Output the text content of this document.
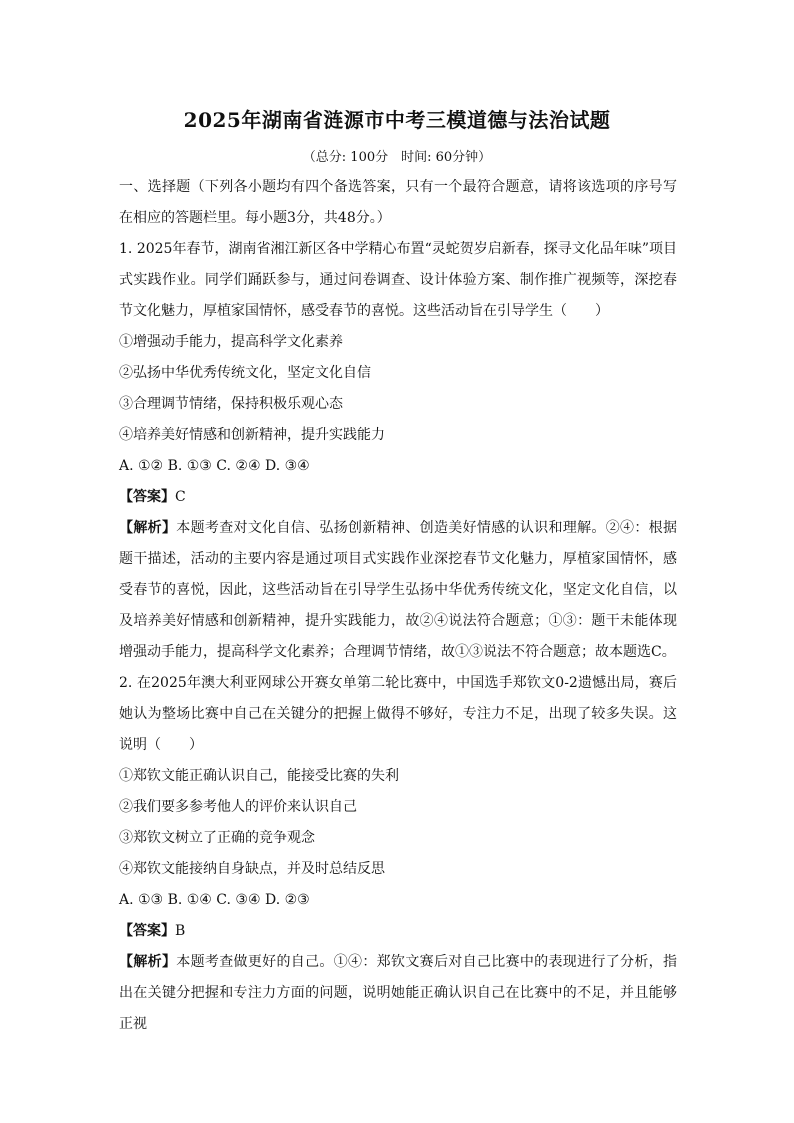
2025年湖南省涟源市中考三模道德与法治试题
（总分: 100分　时间: 60分钟）

一、选择题（下列各小题均有四个备选答案，只有一个最符合题意，请将该选项的序号写在相应的答题栏里。每小题3分，共48分。）

1. 2025年春节，湖南省湘江新区各中学精心布置“灵蛇贺岁启新春，探寻文化品年味”项目式实践作业。同学们踊跃参与，通过问卷调查、设计体验方案、制作推广视频等，深挖春节文化魅力，厚植家国情怀，感受春节的喜悦。这些活动旨在引导学生（　　）

①增强动手能力，提高科学文化素养

②弘扬中华优秀传统文化，坚定文化自信

③合理调节情绪，保持积极乐观心态

④培养美好情感和创新精神，提升实践能力

A. ①② B. ①③ C. ②④ D. ③④

【答案】C

【解析】本题考查对文化自信、弘扬创新精神、创造美好情感的认识和理解。②④：根据题干描述，活动的主要内容是通过项目式实践作业深挖春节文化魅力，厚植家国情怀，感受春节的喜悦，因此，这些活动旨在引导学生弘扬中华优秀传统文化，坚定文化自信，以及培养美好情感和创新精神，提升实践能力，故②④说法符合题意；①③：题干未能体现增强动手能力，提高科学文化素养；合理调节情绪，故①③说法不符合题意；故本题选C。

2. 在2025年澳大利亚网球公开赛女单第二轮比赛中，中国选手郑钦文0-2遗憾出局，赛后她认为整场比赛中自己在关键分的把握上做得不够好，专注力不足，出现了较多失误。这说明（　　）

①郑钦文能正确认识自己，能接受比赛的失利

②我们要多参考他人的评价来认识自己

③郑钦文树立了正确的竞争观念

④郑钦文能接纳自身缺点，并及时总结反思

A. ①③ B. ①④ C. ③④ D. ②③

【答案】B

【解析】本题考查做更好的自己。①④：郑钦文赛后对自己比赛中的表现进行了分析，指出在关键分把握和专注力方面的问题，说明她能正确认识自己在比赛中的不足，并且能够正视
